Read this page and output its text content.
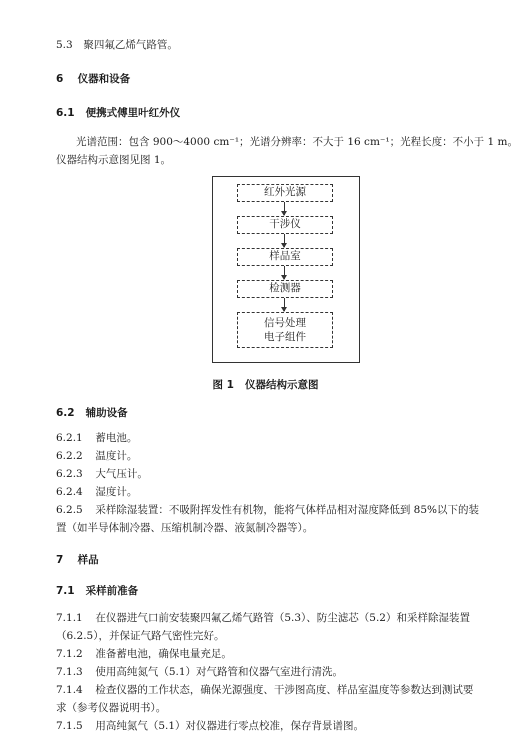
5.3 聚四氟乙烯气路管。
6 仪器和设备
6.1 便携式傅里叶红外仪
光谱范围：包含 900～4000 cm⁻¹；光谱分辨率：不大于 16 cm⁻¹；光程长度：不小于 1 m。
仪器结构示意图见图 1。
红外光源
干涉仪
样品室
检测器
信号处理
电子组件
图 1 仪器结构示意图
6.2 辅助设备
6.2.1 蓄电池。
6.2.2 温度计。
6.2.3 大气压计。
6.2.4 湿度计。
6.2.5 采样除湿装置：不吸附挥发性有机物，能将气体样品相对湿度降低到 85%以下的装
置（如半导体制冷器、压缩机制冷器、液氮制冷器等）。
7 样品
7.1 采样前准备
7.1.1 在仪器进气口前安装聚四氟乙烯气路管（5.3）、防尘滤芯（5.2）和采样除湿装置
（6.2.5），并保证气路气密性完好。
7.1.2 准备蓄电池，确保电量充足。
7.1.3 使用高纯氮气（5.1）对气路管和仪器气室进行清洗。
7.1.4 检查仪器的工作状态，确保光源强度、干涉图高度、样品室温度等参数达到测试要
求（参考仪器说明书）。
7.1.5 用高纯氮气（5.1）对仪器进行零点校准，保存背景谱图。
